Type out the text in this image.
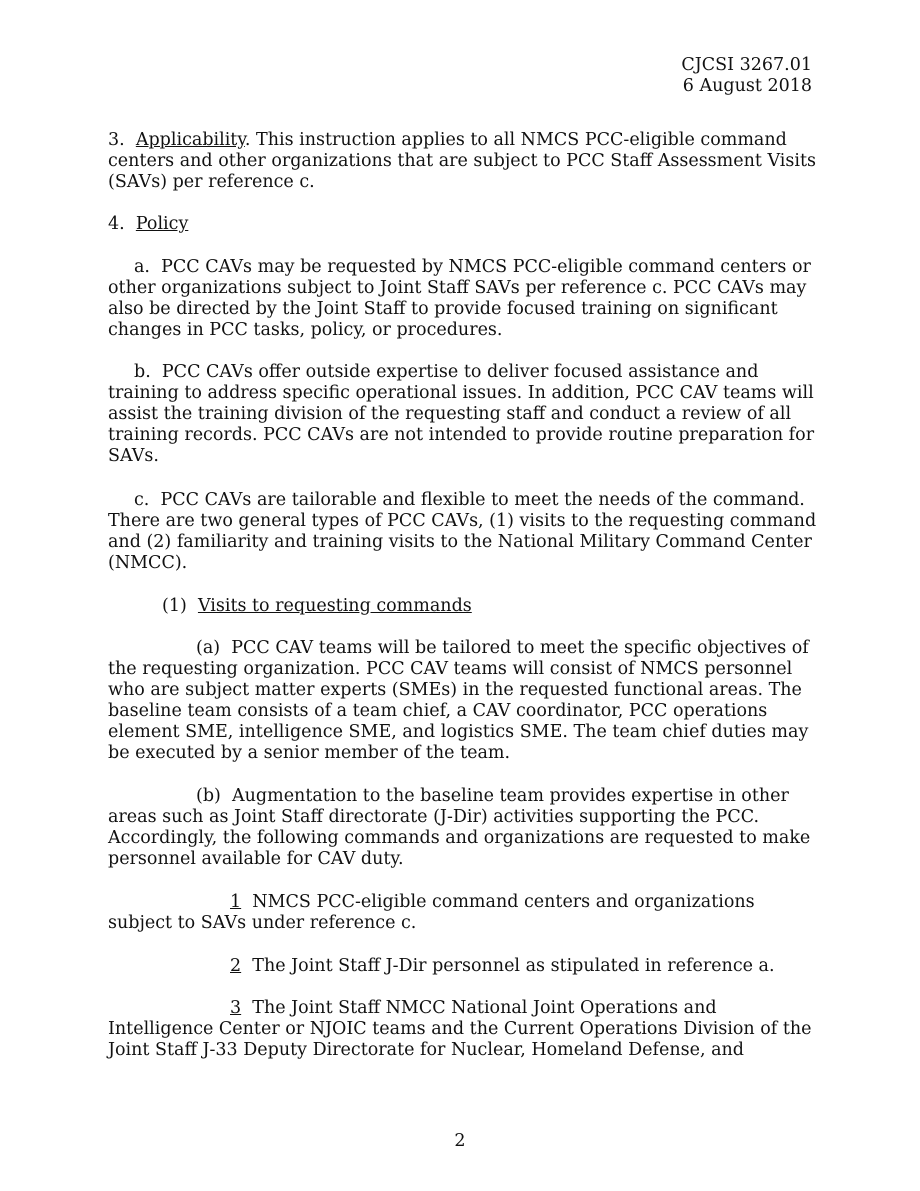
CJCSI 3267.01
6 August 2018

3. Applicability. This instruction applies to all NMCS PCC-eligible command centers and other organizations that are subject to PCC Staff Assessment Visits (SAVs) per reference c.

4. Policy

a. PCC CAVs may be requested by NMCS PCC-eligible command centers or other organizations subject to Joint Staff SAVs per reference c. PCC CAVs may also be directed by the Joint Staff to provide focused training on significant changes in PCC tasks, policy, or procedures.

b. PCC CAVs offer outside expertise to deliver focused assistance and training to address specific operational issues. In addition, PCC CAV teams will assist the training division of the requesting staff and conduct a review of all training records. PCC CAVs are not intended to provide routine preparation for SAVs.

c. PCC CAVs are tailorable and flexible to meet the needs of the command. There are two general types of PCC CAVs, (1) visits to the requesting command and (2) familiarity and training visits to the National Military Command Center (NMCC).

(1) Visits to requesting commands

(a) PCC CAV teams will be tailored to meet the specific objectives of the requesting organization. PCC CAV teams will consist of NMCS personnel who are subject matter experts (SMEs) in the requested functional areas. The baseline team consists of a team chief, a CAV coordinator, PCC operations element SME, intelligence SME, and logistics SME. The team chief duties may be executed by a senior member of the team.

(b) Augmentation to the baseline team provides expertise in other areas such as Joint Staff directorate (J-Dir) activities supporting the PCC. Accordingly, the following commands and organizations are requested to make personnel available for CAV duty.

1 NMCS PCC-eligible command centers and organizations subject to SAVs under reference c.

2 The Joint Staff J-Dir personnel as stipulated in reference a.

3 The Joint Staff NMCC National Joint Operations and Intelligence Center or NJOIC teams and the Current Operations Division of the Joint Staff J-33 Deputy Directorate for Nuclear, Homeland Defense, and

2
